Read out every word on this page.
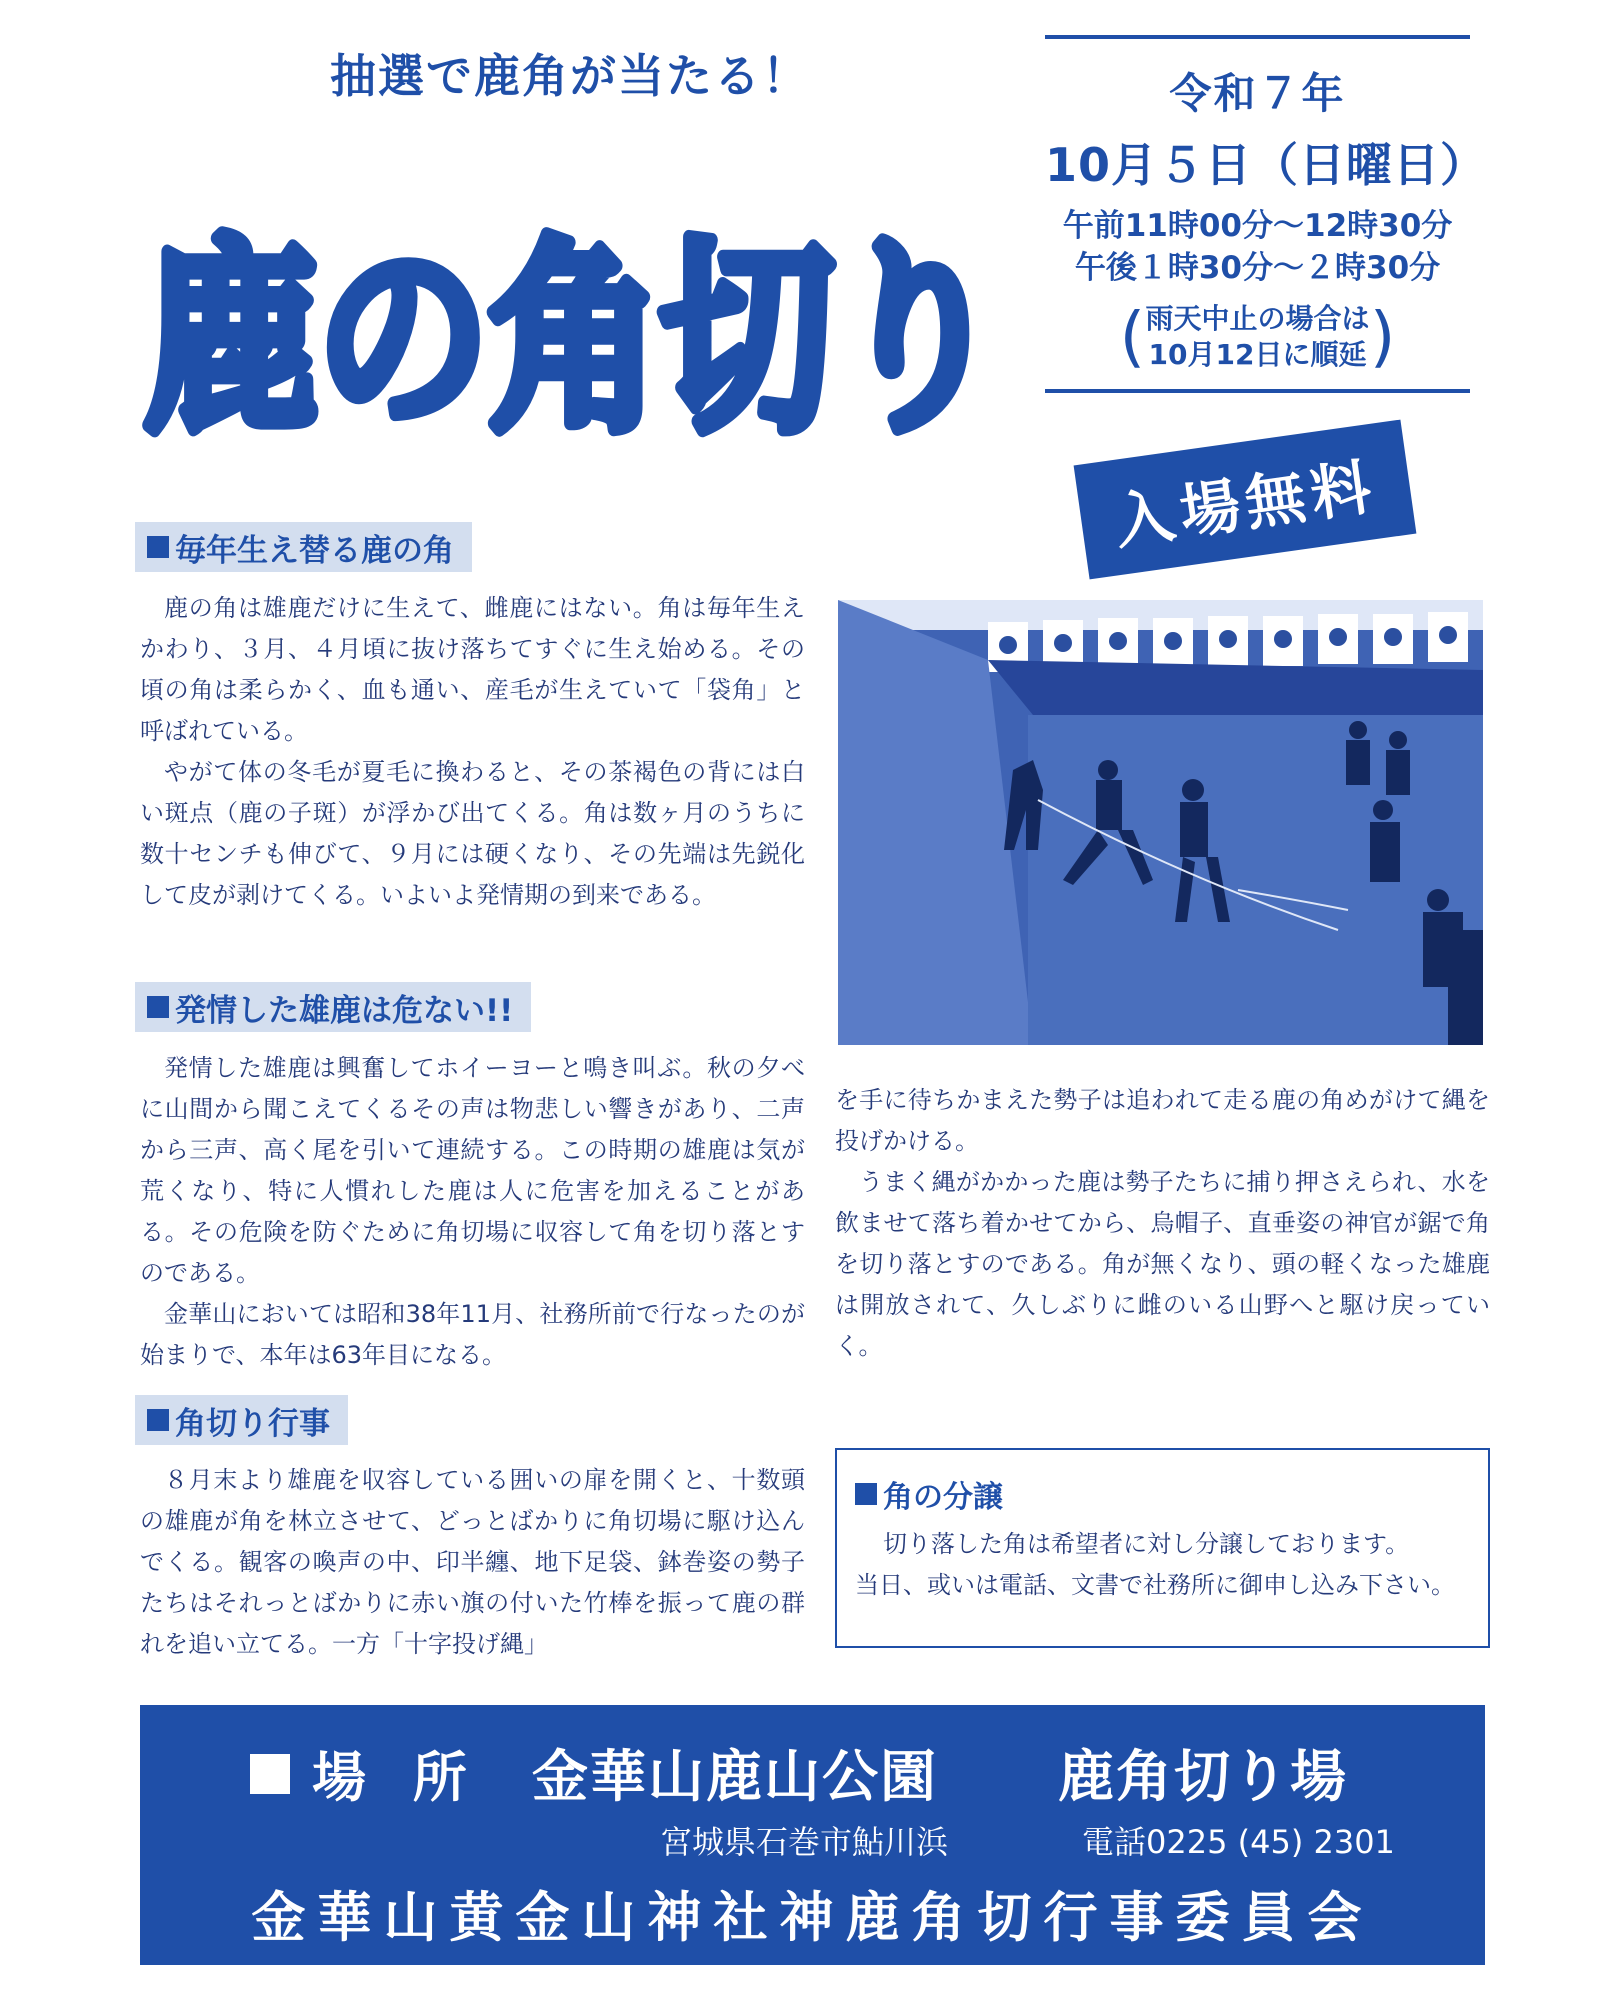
抽選で鹿角が当たる！
鹿の角切り
令和７年
10月５日（日曜日）
午前11時00分～12時30分
午後１時30分～２時30分
( 雨天中止の場合は
10月12日に順延
)
入場無料
毎年生え替る鹿の角

鹿の角は雄鹿だけに生えて、雌鹿にはない。角は毎年生えかわり、３月、４月頃に抜け落ちてすぐに生え始める。その頃の角は柔らかく、血も通い、産毛が生えていて「袋角」と呼ばれている。

やがて体の冬毛が夏毛に換わると、その茶褐色の背には白い斑点（鹿の子斑）が浮かび出てくる。角は数ヶ月のうちに数十センチも伸びて、９月には硬くなり、その先端は先鋭化して皮が剥けてくる。いよいよ発情期の到来である。

発情した雄鹿は危ない!!

発情した雄鹿は興奮してホイーヨーと鳴き叫ぶ。秋の夕べに山間から聞こえてくるその声は物悲しい響きがあり、二声から三声、高く尾を引いて連続する。この時期の雄鹿は気が荒くなり、特に人慣れした鹿は人に危害を加えることがある。その危険を防ぐために角切場に収容して角を切り落とすのである。

金華山においては昭和38年11月、社務所前で行なったのが始まりで、本年は63年目になる。

角切り行事

８月末より雄鹿を収容している囲いの扉を開くと、十数頭の雄鹿が角を林立させて、どっとばかりに角切場に駆け込んでくる。観客の喚声の中、印半纏、地下足袋、鉢巻姿の勢子たちはそれっとばかりに赤い旗の付いた竹棒を振って鹿の群れを追い立てる。一方「十字投げ縄」

を手に待ちかまえた勢子は追われて走る鹿の角めがけて縄を投げかける。

うまく縄がかかった鹿は勢子たちに捕り押さえられ、水を飲ませて落ち着かせてから、烏帽子、直垂姿の神官が鋸で角を切り落とすのである。角が無くなり、頭の軽くなった雄鹿は開放されて、久しぶりに雌のいる山野へと駆け戻っていく。

角の分譲
切り落した角は希望者に対し分譲しております。
当日、或いは電話、文書で社務所に御申し込み下さい。
場 所 金華山鹿山公園 鹿角切り場
宮城県石巻市鮎川浜	電話0225 (45) 2301
金華山黄金山神社神鹿角切行事委員会
